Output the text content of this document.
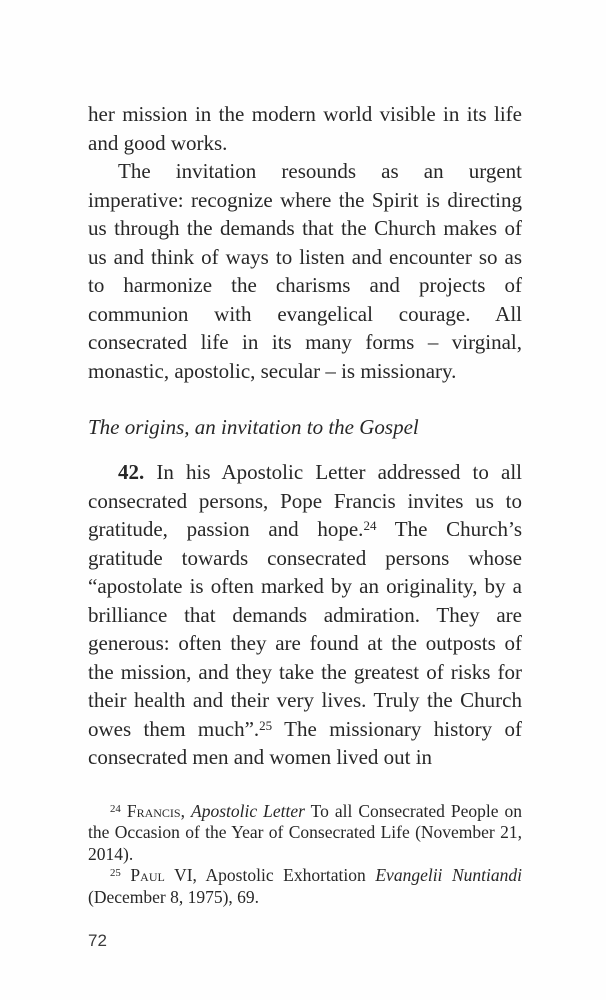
her mission in the modern world visible in its life and good works.

The invitation resounds as an urgent imperative: recognize where the Spirit is directing us through the demands that the Church makes of us and think of ways to listen and encounter so as to harmonize the charisms and projects of communion with evangelical courage. All consecrated life in its many forms – virginal, monastic, apostolic, secular – is missionary.

The origins, an invitation to the Gospel

42. In his Apostolic Letter addressed to all consecrated persons, Pope Francis invites us to gratitude, passion and hope.$^{24}$ The Church’s gratitude towards consecrated persons whose “apostolate is often marked by an originality, by a brilliance that demands admiration. They are generous: often they are found at the outposts of the mission, and they take the greatest of risks for their health and their very lives. Truly the Church owes them much”.$^{25}$ The missionary history of consecrated men and women lived out in

$^{24}$ Francis, Apostolic Letter To all Consecrated People on the Occasion of the Year of Consecrated Life (November 21, 2014).

$^{25}$ Paul VI, Apostolic Exhortation Evangelii Nuntiandi (December 8, 1975), 69.

72
